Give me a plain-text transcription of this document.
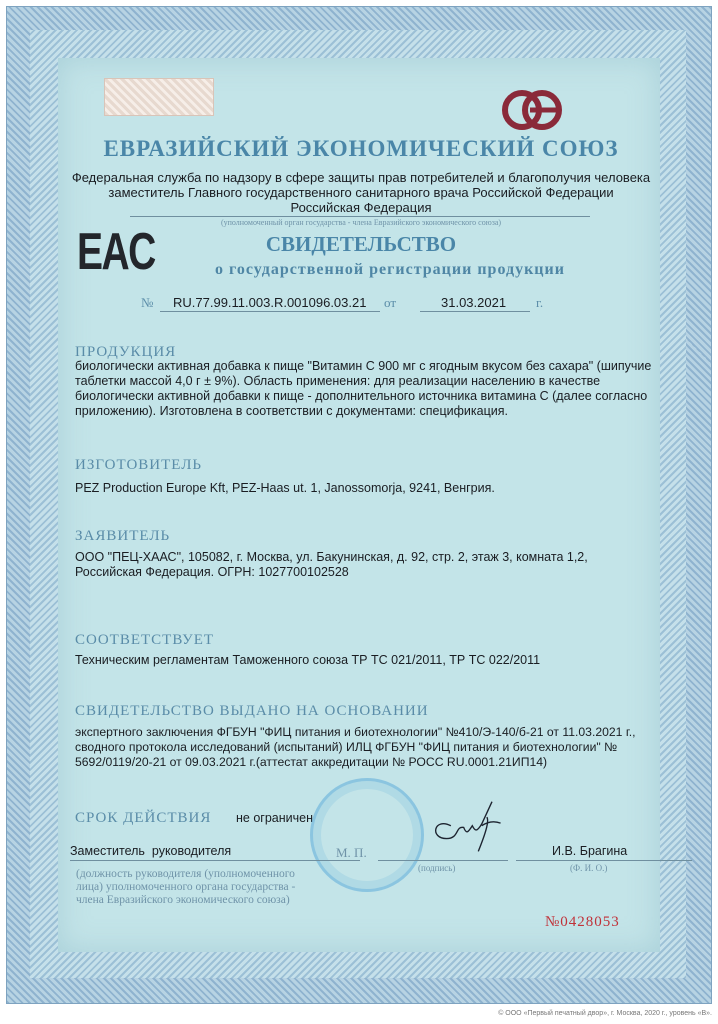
ЕВРАЗИЙСКИЙ ЭКОНОМИЧЕСКИЙ СОЮЗ
Федеральная служба по надзору в сфере защиты прав потребителей и благополучия человека
заместитель Главного государственного санитарного врача Российской Федерации
Российская Федерация
(уполномоченный орган государства - члена Евразийского экономического союза)
EAC	СВИДЕТЕЛЬСТВО
о государственной регистрации продукции
№ RU.77.99.11.003.R.001096.03.21 от	31.03.2021 г.
ПРОДУКЦИЯ
биологически активная добавка к пище "Витамин С 900 мг с ягодным вкусом без сахара" (шипучие таблетки массой 4,0 г ± 9%). Область применения: для реализации населению в качестве биологически активной добавки к пище - дополнительного источника витамина С (далее согласно приложению). Изготовлена в соответствии с документами: спецификация.
ИЗГОТОВИТЕЛЬ
PEZ Production Europe Kft, PEZ-Haas ut. 1, Janossomorja, 9241, Венгрия.
ЗАЯВИТЕЛЬ
ООО "ПЕЦ-ХААС", 105082, г. Москва, ул. Бакунинская, д. 92, стр. 2, этаж 3, комната 1,2, Российская Федерация. ОГРН: 1027700102528
СООТВЕТСТВУЕТ
Техническим регламентам Таможенного союза ТР ТС 021/2011, ТР ТС 022/2011
СВИДЕТЕЛЬСТВО ВЫДАНО НА ОСНОВАНИИ
экспертного заключения ФГБУН "ФИЦ питания и биотехнологии" №410/Э-140/б-21 от 11.03.2021 г., сводного протокола исследований (испытаний) ИЛЦ ФГБУН "ФИЦ питания и биотехнологии" № 5692/0119/20-21 от 09.03.2021 г.(аттестат аккредитации № РОСС RU.0001.21ИП14)
СРОК ДЕЙСТВИЯ не ограничен
Заместитель  руководителя	М. П.
(подпись)
И.В. Брагина
(Ф. И. О.)
(должность руководителя (уполномоченного лица) уполномоченного органа государства - члена Евразийского экономического союза)
№0428053
© ООО «Первый печатный двор», г. Москва, 2020 г., уровень «В».
